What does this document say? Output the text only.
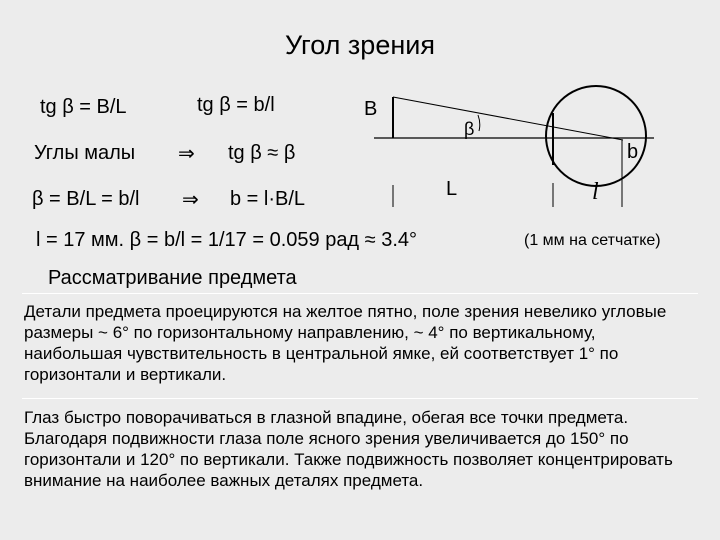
Угол зрения
tg β = B/L	tg β = b/l
Углы малы ⇒ tg β ≈ β
β = B/L = b/l ⇒ b = l·B/L
l = 17 мм. β = b/l = 1/17 = 0.059 рад ≈ 3.4°	(1 мм на сетчатке)
B
β
L
b
l
Рассматривание предмета
Детали предмета проецируются на желтое пятно, поле зрения невелико угловые размеры ~ 6° по горизонтальному направлению, ~ 4° по вертикальному, наибольшая чувствительность в центральной ямке, ей соответствует 1° по горизонтали и вертикали.
Глаз быстро поворачиваться в глазной впадине, обегая все точки предмета. Благодаря подвижности глаза поле ясного зрения увеличивается до 150° по горизонтали и 120° по вертикали. Также подвижность позволяет концентрировать внимание на наиболее важных деталях предмета.
